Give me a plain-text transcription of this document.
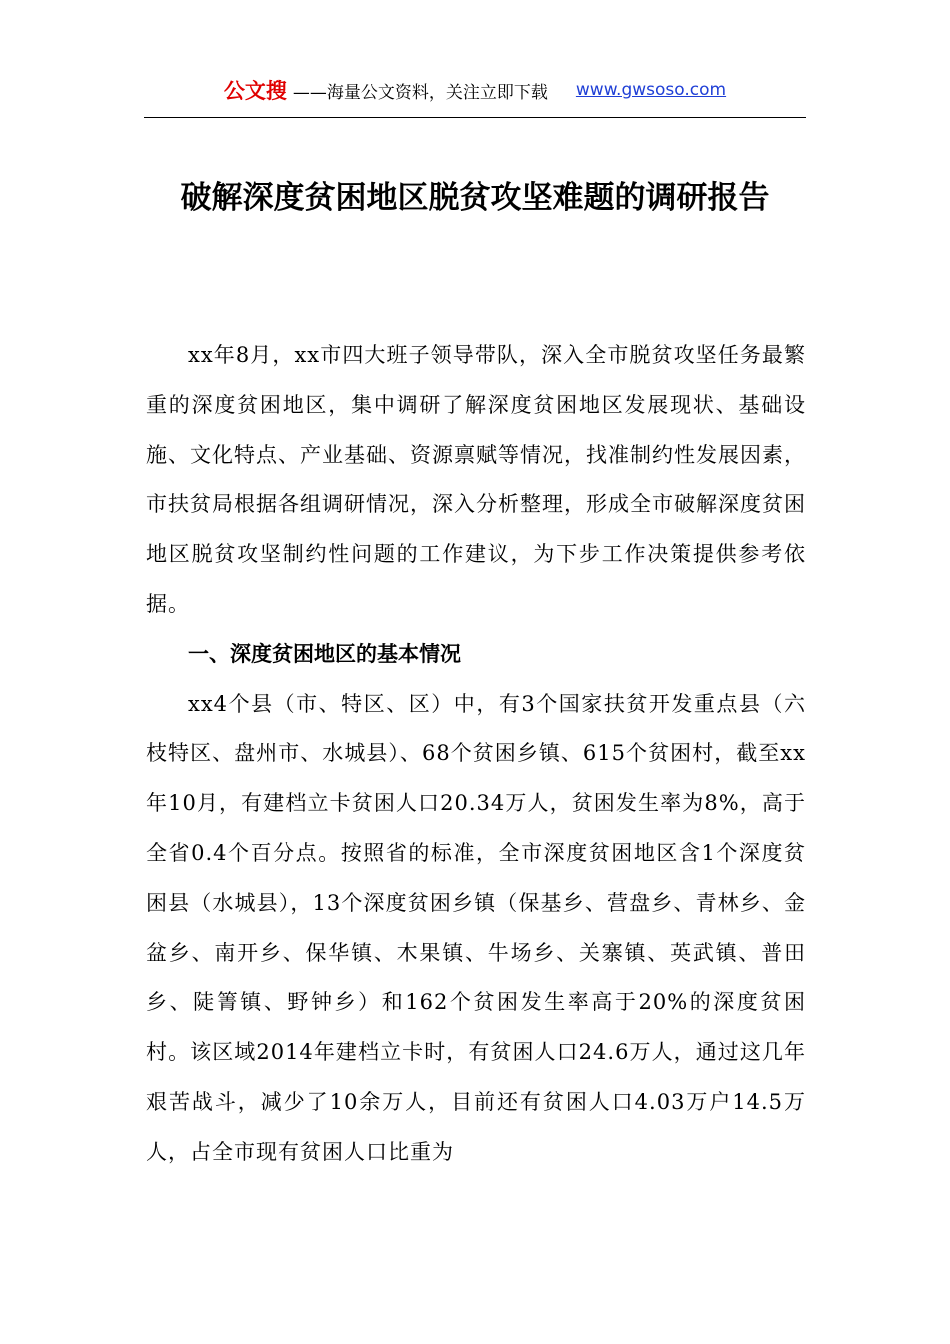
公文搜 ——海量公文资料，关注立即下载 www.gwsoso.com
破解深度贫困地区脱贫攻坚难题的调研报告

xx年8月，xx市四大班子领导带队，深入全市脱贫攻坚任务最繁重的深度贫困地区，集中调研了解深度贫困地区发展现状、基础设施、文化特点、产业基础、资源禀赋等情况，找准制约性发展因素，市扶贫局根据各组调研情况，深入分析整理，形成全市破解深度贫困地区脱贫攻坚制约性问题的工作建议，为下步工作决策提供参考依据。

一、深度贫困地区的基本情况

xx4个县（市、特区、区）中，有3个国家扶贫开发重点县（六枝特区、盘州市、水城县）、68个贫困乡镇、615个贫困村，截至xx年10月，有建档立卡贫困人口20.34万人，贫困发生率为8%，高于全省0.4个百分点。按照省的标准，全市深度贫困地区含1个深度贫困县（水城县），13个深度贫困乡镇（保基乡、营盘乡、青林乡、金盆乡、南开乡、保华镇、木果镇、牛场乡、关寨镇、英武镇、普田乡、陡箐镇、野钟乡）和162个贫困发生率高于20%的深度贫困村。该区域2014年建档立卡时，有贫困人口24.6万人，通过这几年艰苦战斗，减少了10余万人，目前还有贫困人口4.03万户14.5万人，占全市现有贫困人口比重为
